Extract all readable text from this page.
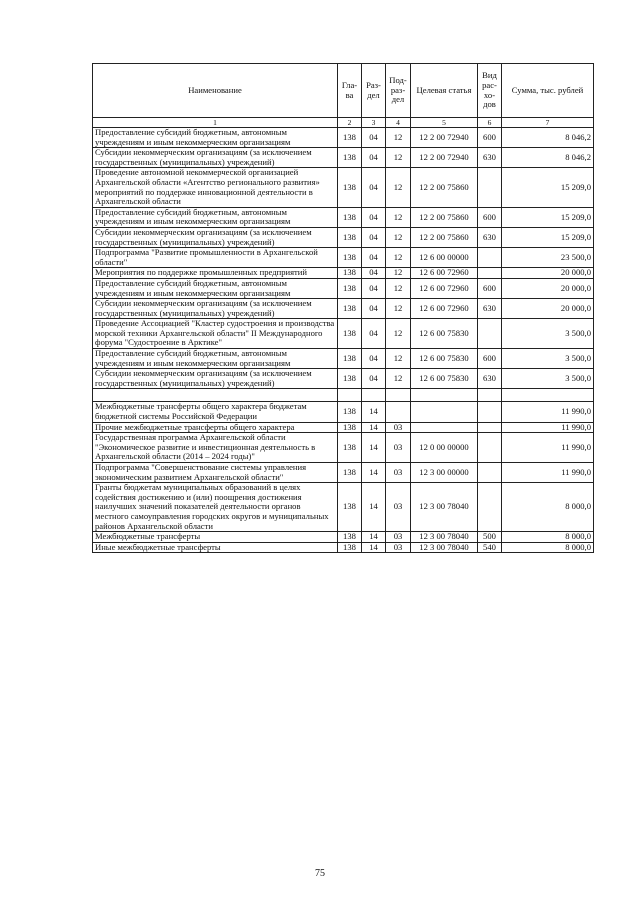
Наименование	Гла-ва	Раз-дел	Под-раз-дел	Целевая статья	Вид рас-хо-дов	Сумма, тыс. рублей
1	2	3	4	5	6	7
Предоставление субсидий бюджетным, автономным учреждениям и иным некоммерческим организациям	138	04	12	12 2 00 72940	600	8 046,2
Субсидии некоммерческим организациям (за исключением государственных (муниципальных) учреждений)	138	04	12	12 2 00 72940	630	8 046,2
Проведение автономной некоммерческой организацией Архангельской области «Агентство регионального развития» мероприятий по поддержке инновационной деятельности в Архангельской области	138	04	12	12 2 00 75860		15 209,0
Предоставление субсидий бюджетным, автономным учреждениям и иным некоммерческим организациям	138	04	12	12 2 00 75860	600	15 209,0
Субсидии некоммерческим организациям (за исключением государственных (муниципальных) учреждений)	138	04	12	12 2 00 75860	630	15 209,0
Подпрограмма "Развитие промышленности в Архангельской области"	138	04	12	12 6 00 00000		23 500,0
Мероприятия по поддержке промышленных предприятий	138	04	12	12 6 00 72960		20 000,0
Предоставление субсидий бюджетным, автономным учреждениям и иным некоммерческим организациям	138	04	12	12 6 00 72960	600	20 000,0
Субсидии некоммерческим организациям (за исключением государственных (муниципальных) учреждений)	138	04	12	12 6 00 72960	630	20 000,0
Проведение Ассоциацией "Кластер судостроения и производства морской техники Архангельской области" II Международного форума "Судостроение в Арктике"	138	04	12	12 6 00 75830		3 500,0
Предоставление субсидий бюджетным, автономным учреждениям и иным некоммерческим организациям	138	04	12	12 6 00 75830	600	3 500,0
Субсидии некоммерческим организациям (за исключением государственных (муниципальных) учреждений)	138	04	12	12 6 00 75830	630	3 500,0

Межбюджетные трансферты общего характера бюджетам бюджетной системы Российской Федерации	138	14				11 990,0
Прочие межбюджетные трансферты общего характера	138	14	03			11 990,0
Государственная программа Архангельской области "Экономическое развитие и инвестиционная деятельность в Архангельской области (2014 – 2024 годы)"	138	14	03	12 0 00 00000		11 990,0
Подпрограмма "Совершенствование системы управления экономическим развитием Архангельской области"	138	14	03	12 3 00 00000		11 990,0
Гранты бюджетам муниципальных образований в целях содействия достижению и (или) поощрения достижения наилучших значений показателей деятельности органов местного самоуправления городских округов и муниципальных районов Архангельской области	138	14	03	12 3 00 78040		8 000,0
Межбюджетные трансферты	138	14	03	12 3 00 78040	500	8 000,0
Иные межбюджетные трансферты	138	14	03	12 3 00 78040	540	8 000,0
75
